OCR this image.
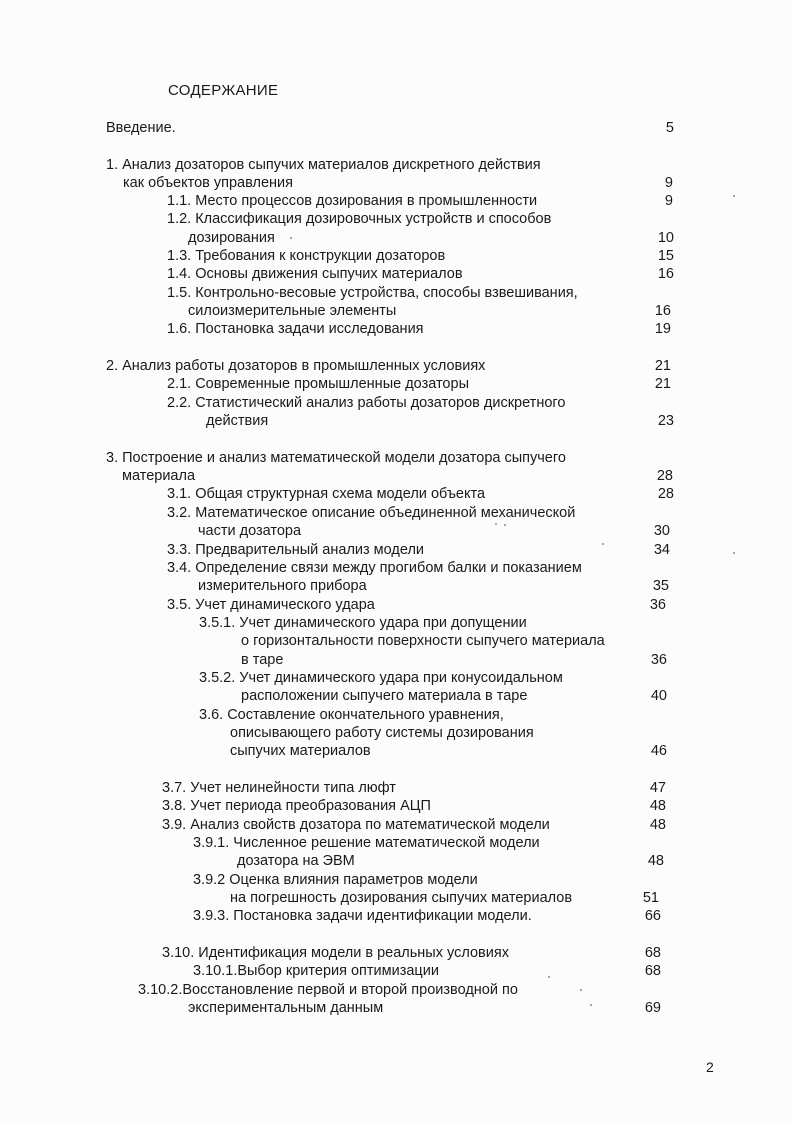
СОДЕРЖАНИЕ
Введение.	5
1. Анализ дозаторов сыпучих материалов дискретного действия
как объектов управления	9
1.1. Место процессов дозирования в промышленности	9
1.2. Классификация дозировочных устройств и способов
дозирования	10
1.3. Требования к конструкции дозаторов	15
1.4. Основы движения сыпучих материалов	16
1.5. Контрольно-весовые устройства, способы взвешивания,
силоизмерительные элементы	16
1.6. Постановка задачи исследования	19
2. Анализ работы дозаторов в промышленных условиях	21
2.1. Современные промышленные дозаторы	21
2.2. Статистический анализ работы дозаторов дискретного
действия	23
3. Построение и анализ математической модели дозатора сыпучего
материала	28
3.1. Общая структурная схема модели объекта	28
3.2. Математическое описание объединенной механической
части дозатора	30
3.3. Предварительный анализ модели	34
3.4. Определение связи между прогибом балки и показанием
измерительного прибора	35
3.5. Учет динамического удара	36
3.5.1. Учет динамического удара при допущении
о горизонтальности поверхности сыпучего материала
в таре	36
3.5.2. Учет динамического удара при конусоидальном
расположении сыпучего материала в таре	40
3.6. Составление окончательного уравнения,
описывающего работу системы дозирования
сыпучих материалов	46
3.7. Учет нелинейности типа люфт	47
3.8. Учет периода преобразования АЦП	48
3.9. Анализ свойств дозатора по математической модели	48
3.9.1. Численное решение математической модели
дозатора на ЭВМ	48
3.9.2 Оценка влияния параметров модели
на погрешность дозирования сыпучих материалов	51
3.9.3. Постановка задачи идентификации модели.	66
3.10. Идентификация модели в реальных условиях	68
3.10.1.Выбор критерия оптимизации	68
3.10.2.Восстановление первой и второй производной по
экспериментальным данным	69
2
